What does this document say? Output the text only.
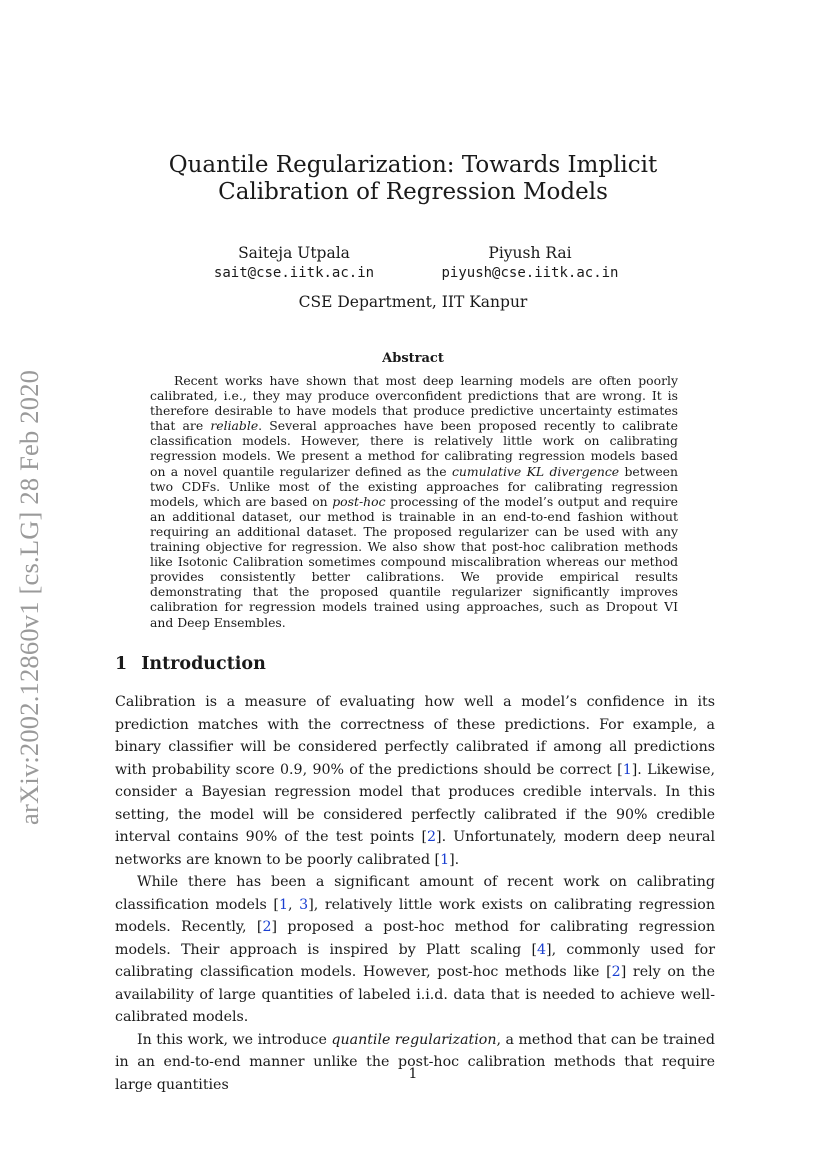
arXiv:2002.12860v1 [cs.LG] 28 Feb 2020
Quantile Regularization: Towards Implicit Calibration of Regression Models
Saiteja Utpala
sait@cse.iitk.ac.in
Piyush Rai
piyush@cse.iitk.ac.in
CSE Department, IIT Kanpur
Abstract

Recent works have shown that most deep learning models are often poorly calibrated, i.e., they may produce overconfident predictions that are wrong. It is therefore desirable to have models that produce predictive uncertainty estimates that are reliable. Several approaches have been proposed recently to calibrate classification models. However, there is relatively little work on calibrating regression models. We present a method for calibrating regression models based on a novel quantile regularizer defined as the cumulative KL divergence between two CDFs. Unlike most of the existing approaches for calibrating regression models, which are based on post-hoc processing of the model’s output and require an additional dataset, our method is trainable in an end-to-end fashion without requiring an additional dataset. The proposed regularizer can be used with any training objective for regression. We also show that post-hoc calibration methods like Isotonic Calibration sometimes compound miscalibration whereas our method provides consistently better calibrations. We provide empirical results demonstrating that the proposed quantile regularizer significantly improves calibration for regression models trained using approaches, such as Dropout VI and Deep Ensembles.

1 Introduction

Calibration is a measure of evaluating how well a model’s confidence in its prediction matches with the correctness of these predictions. For example, a binary classifier will be considered perfectly calibrated if among all predictions with probability score 0.9, 90% of the predictions should be correct [1]. Likewise, consider a Bayesian regression model that produces credible intervals. In this setting, the model will be considered perfectly calibrated if the 90% credible interval contains 90% of the test points [2]. Unfortunately, modern deep neural networks are known to be poorly calibrated [1].

While there has been a significant amount of recent work on calibrating classification models [1, 3], relatively little work exists on calibrating regression models. Recently, [2] proposed a post-hoc method for calibrating regression models. Their approach is inspired by Platt scaling [4], commonly used for calibrating classification models. However, post-hoc methods like [2] rely on the availability of large quantities of labeled i.i.d. data that is needed to achieve well-calibrated models.

In this work, we introduce quantile regularization, a method that can be trained in an end-to-end manner unlike the post-hoc calibration methods that require large quantities

1
